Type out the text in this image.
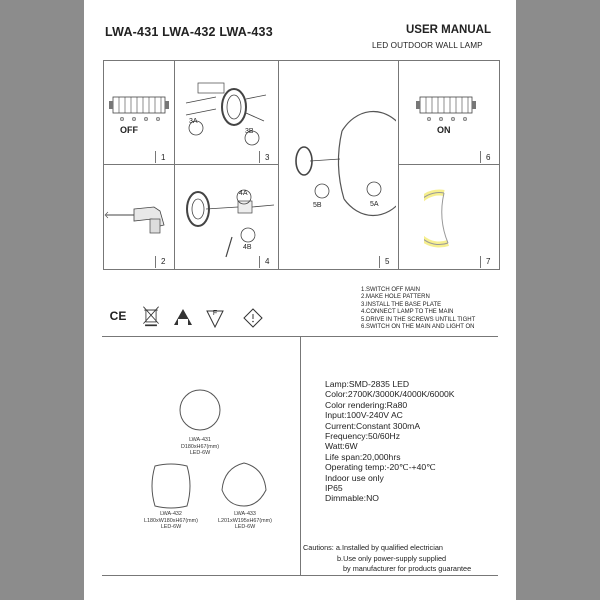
LWA-431 LWA-432 LWA-433	USER MANUAL
LED OUTDOOR WALL LAMP
1
2
3
4	5
6
7
OFF
3A
3B
4A
4B
5B	5A
ON
1.SWITCH OFF MAIN
2.MAKE HOLE PATTERN
3.INSTALL THE BASE PLATE
4.CONNECT LAMP TO THE MAIN
5.DRIVE IN THE SCREWS UNTILL TIGHT
6.SWITCH ON THE MAIN AND LIGHT ON
CE	F
LWA-431
D180xH67(mm)
LED-6W
LWA-432
L180xW180xH67(mm)
LED-6W
LWA-433
L201xW195xH67(mm)
LED-6W
Lamp:SMD-2835 LED
Color:2700K/3000K/4000K/6000K
Color rendering:Ra80
Input:100V-240V AC
Current:Constant 300mA
Frequency:50/60Hz
Watt:6W
Life span:20,000hrs
Operating temp:-20℃-+40℃
Indoor use only
IP65
Dimmable:NO
Cautions: a.Installed by qualified electrician
b.Use only power-supply supplied
by manufacturer for products guarantee
